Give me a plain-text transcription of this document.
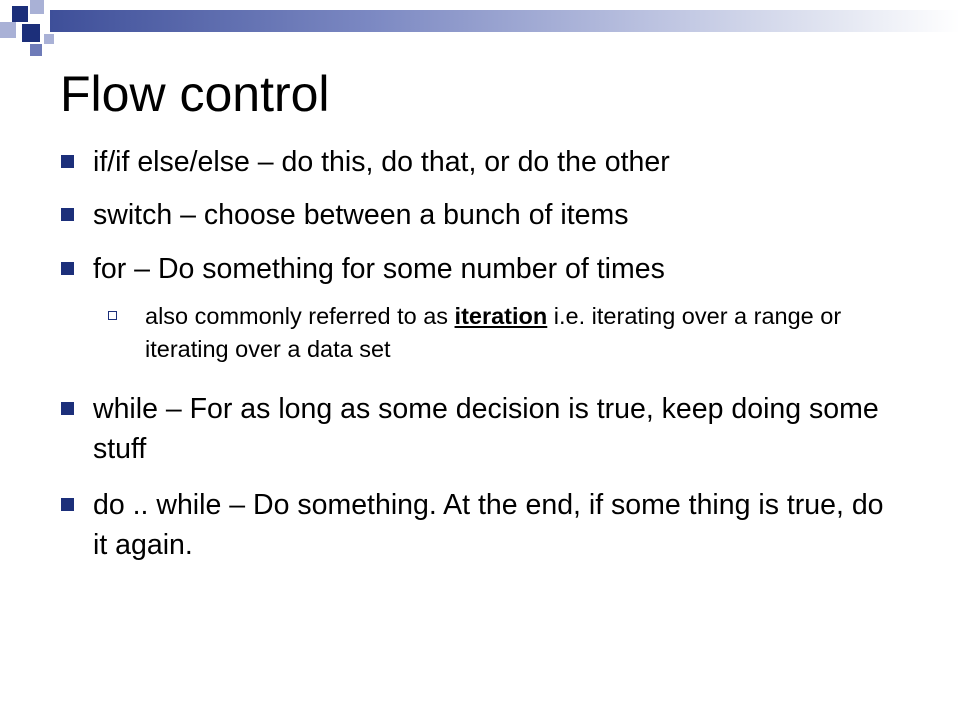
Flow control
if/if else/else – do this, do that, or do the other
switch – choose between a bunch of items
for – Do something for some number of times
also commonly referred to as iteration i.e. iterating over a range or iterating over a data set
while – For as long as some decision is true, keep doing some stuff
do .. while – Do something. At the end, if some thing is true, do it again.
